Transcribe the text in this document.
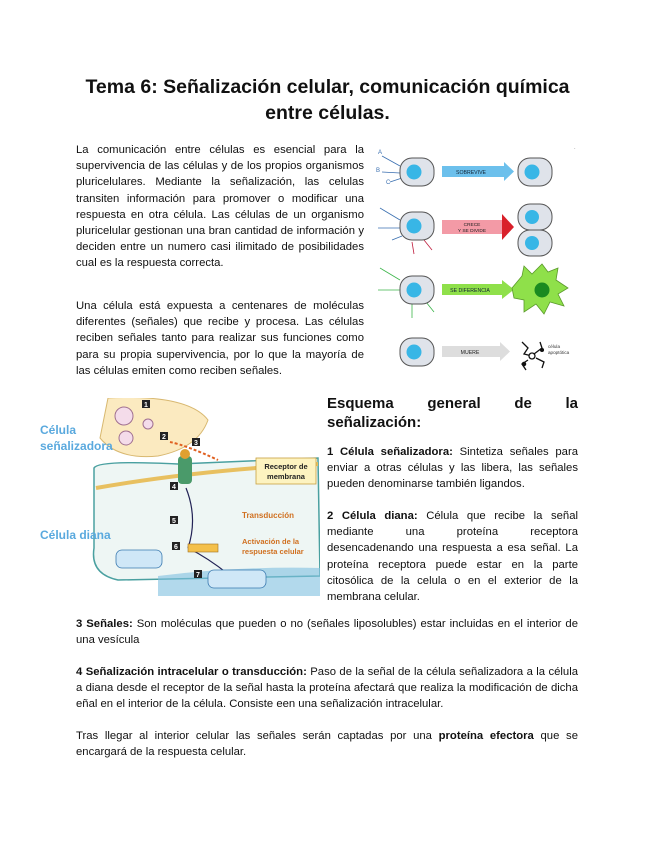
Tema 6: Señalización celular, comunicación química entre células.

La comunicación entre células es esencial para la supervivencia de las células y de los propios organismos pluricelulares. Mediante la señalización, las celulas transiten información para promover o modificar una respuesta en otra célula. Las células de un organismo pluricelular gestionan una bran cantidad de información y deciden entre un numero casi ilimitado de posibilidades cual es la respuesta correcta.

Una célula está expuesta a centenares de moléculas diferentes (señales) que recibe y procesa. Las células reciben señales tanto para realizar sus funciones como para su propia supervivencia, por lo que la mayoría de las células emiten como reciben señales.

A
B
C
SOBREVIVE
·
CRECE
Y SE DIVIDE
SE DIFERENCIA
MUERE
célula
apoptótica
1
2
3
4
5
6
7
Célula
señalizadora
Célula diana
Receptor de
membrana
Transducción
Activación de la
respuesta celular
Esquema general de la
señalización:

1 Célula señalizadora: Sintetiza señales para enviar a otras células y las libera, las señales pueden denominarse también ligandos.

2 Célula diana: Célula que recibe la señal mediante una proteína receptora desencadenando una respuesta a esa señal. La proteína receptora puede estar en la parte citosólica de la celula o en el exterior de la membrana celular.

3 Señales: Son moléculas que pueden o no (señales liposolubles) estar incluidas en el interior de una vesícula

4 Señalización intracelular o transducción: Paso de la señal de la célula señalizadora a la célula a diana desde el receptor de la señal hasta la proteína afectará que realiza la modificación de dicha eñal en el interior de la célula. Consiste een una señalización intracelular.

Tras llegar al interior celular las señales serán captadas por una proteína efectora que se encargará de la respuesta celular.
